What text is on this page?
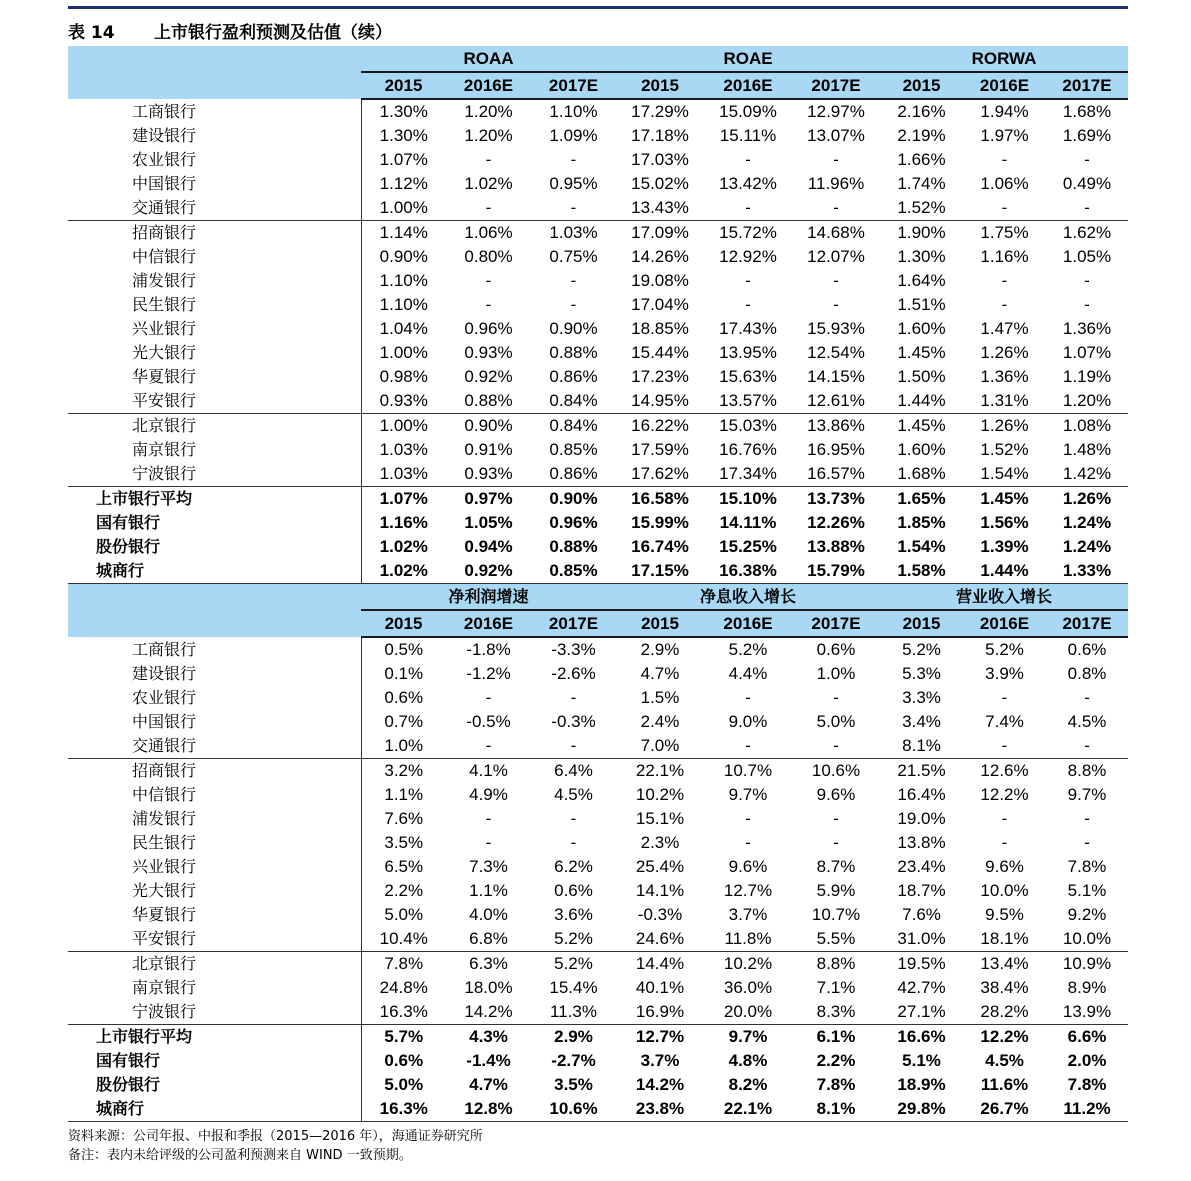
表 14 上市银行盈利预测及估值（续）
	ROAA			ROAE			RORWA		
	2015	2016E	2017E	2015	2016E	2017E	2015	2016E	2017E
工商银行	1.30%	1.20%	1.10%	17.29%	15.09%	12.97%	2.16%	1.94%	1.68%
建设银行	1.30%	1.20%	1.09%	17.18%	15.11%	13.07%	2.19%	1.97%	1.69%
农业银行	1.07%	-	-	17.03%	-	-	1.66%	-	-
中国银行	1.12%	1.02%	0.95%	15.02%	13.42%	11.96%	1.74%	1.06%	0.49%
交通银行	1.00%	-	-	13.43%	-	-	1.52%	-	-
招商银行	1.14%	1.06%	1.03%	17.09%	15.72%	14.68%	1.90%	1.75%	1.62%
中信银行	0.90%	0.80%	0.75%	14.26%	12.92%	12.07%	1.30%	1.16%	1.05%
浦发银行	1.10%	-	-	19.08%	-	-	1.64%	-	-
民生银行	1.10%	-	-	17.04%	-	-	1.51%	-	-
兴业银行	1.04%	0.96%	0.90%	18.85%	17.43%	15.93%	1.60%	1.47%	1.36%
光大银行	1.00%	0.93%	0.88%	15.44%	13.95%	12.54%	1.45%	1.26%	1.07%
华夏银行	0.98%	0.92%	0.86%	17.23%	15.63%	14.15%	1.50%	1.36%	1.19%
平安银行	0.93%	0.88%	0.84%	14.95%	13.57%	12.61%	1.44%	1.31%	1.20%
北京银行	1.00%	0.90%	0.84%	16.22%	15.03%	13.86%	1.45%	1.26%	1.08%
南京银行	1.03%	0.91%	0.85%	17.59%	16.76%	16.95%	1.60%	1.52%	1.48%
宁波银行	1.03%	0.93%	0.86%	17.62%	17.34%	16.57%	1.68%	1.54%	1.42%
上市银行平均	1.07%	0.97%	0.90%	16.58%	15.10%	13.73%	1.65%	1.45%	1.26%
国有银行	1.16%	1.05%	0.96%	15.99%	14.11%	12.26%	1.85%	1.56%	1.24%
股份银行	1.02%	0.94%	0.88%	16.74%	15.25%	13.88%	1.54%	1.39%	1.24%
城商行	1.02%	0.92%	0.85%	17.15%	16.38%	15.79%	1.58%	1.44%	1.33%
	净利润增速			净息收入增长			营业收入增长		
	2015	2016E	2017E	2015	2016E	2017E	2015	2016E	2017E
工商银行	0.5%	-1.8%	-3.3%	2.9%	5.2%	0.6%	5.2%	5.2%	0.6%
建设银行	0.1%	-1.2%	-2.6%	4.7%	4.4%	1.0%	5.3%	3.9%	0.8%
农业银行	0.6%	-	-	1.5%	-	-	3.3%	-	-
中国银行	0.7%	-0.5%	-0.3%	2.4%	9.0%	5.0%	3.4%	7.4%	4.5%
交通银行	1.0%	-	-	7.0%	-	-	8.1%	-	-
招商银行	3.2%	4.1%	6.4%	22.1%	10.7%	10.6%	21.5%	12.6%	8.8%
中信银行	1.1%	4.9%	4.5%	10.2%	9.7%	9.6%	16.4%	12.2%	9.7%
浦发银行	7.6%	-	-	15.1%	-	-	19.0%	-	-
民生银行	3.5%	-	-	2.3%	-	-	13.8%	-	-
兴业银行	6.5%	7.3%	6.2%	25.4%	9.6%	8.7%	23.4%	9.6%	7.8%
光大银行	2.2%	1.1%	0.6%	14.1%	12.7%	5.9%	18.7%	10.0%	5.1%
华夏银行	5.0%	4.0%	3.6%	-0.3%	3.7%	10.7%	7.6%	9.5%	9.2%
平安银行	10.4%	6.8%	5.2%	24.6%	11.8%	5.5%	31.0%	18.1%	10.0%
北京银行	7.8%	6.3%	5.2%	14.4%	10.2%	8.8%	19.5%	13.4%	10.9%
南京银行	24.8%	18.0%	15.4%	40.1%	36.0%	7.1%	42.7%	38.4%	8.9%
宁波银行	16.3%	14.2%	11.3%	16.9%	20.0%	8.3%	27.1%	28.2%	13.9%
上市银行平均	5.7%	4.3%	2.9%	12.7%	9.7%	6.1%	16.6%	12.2%	6.6%
国有银行	0.6%	-1.4%	-2.7%	3.7%	4.8%	2.2%	5.1%	4.5%	2.0%
股份银行	5.0%	4.7%	3.5%	14.2%	8.2%	7.8%	18.9%	11.6%	7.8%
城商行	16.3%	12.8%	10.6%	23.8%	22.1%	8.1%	29.8%	26.7%	11.2%
资料来源：公司年报、中报和季报（2015—2016 年），海通证券研究所
备注：表内未给评级的公司盈利预测来自 WIND 一致预期。
